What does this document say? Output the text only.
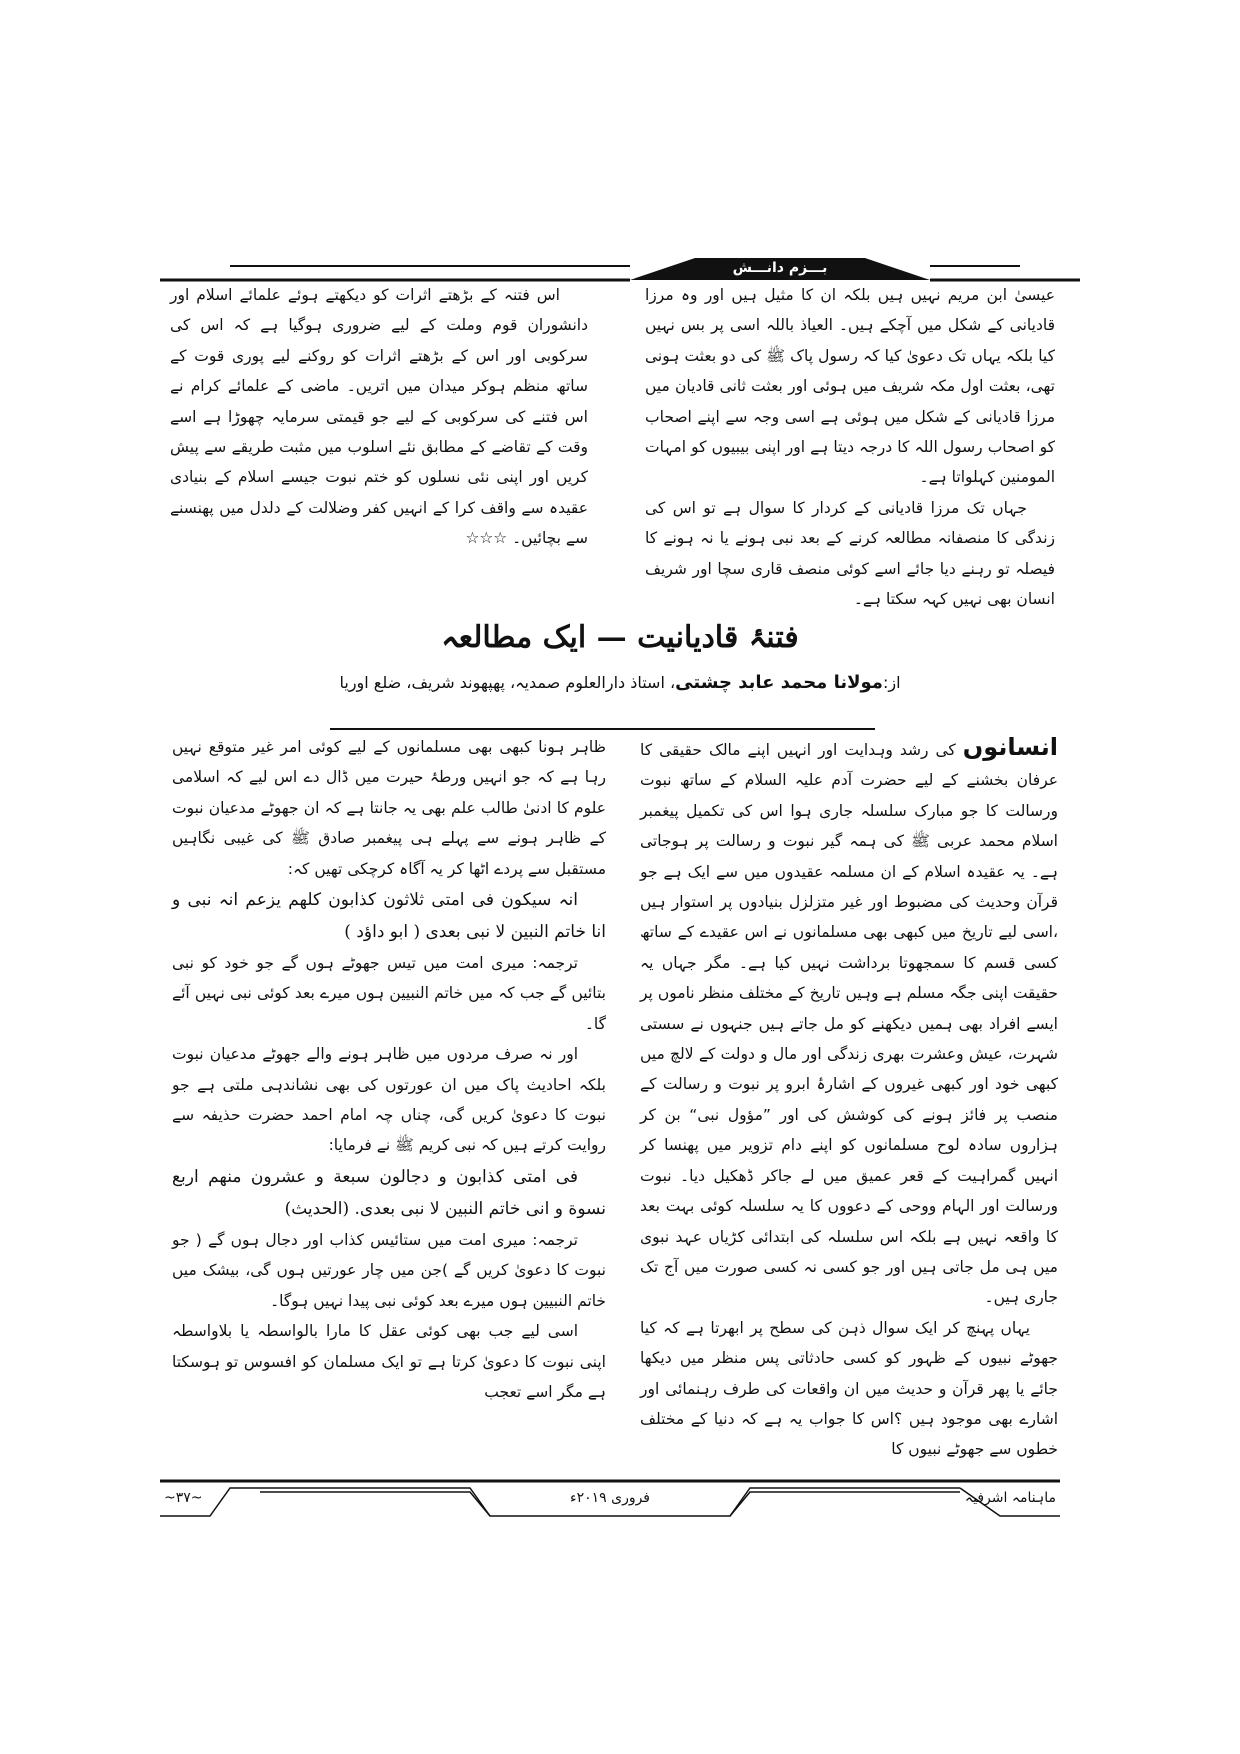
بـــزم دانـــش

عیسیٰ ابن مریم نہیں ہیں بلکہ ان کا مثیل ہیں اور وہ مرزا قادیانی کے شکل میں آچکے ہیں۔ العیاذ باللہ اسی پر بس نہیں کیا بلکہ یہاں تک دعویٰ کیا کہ رسول پاک ﷺ کی دو بعثت ہونی تھی، بعثت اول مکہ شریف میں ہوئی اور بعثت ثانی قادیان میں مرزا قادیانی کے شکل میں ہوئی ہے اسی وجہ سے اپنے اصحاب کو اصحاب رسول اللہ کا درجہ دیتا ہے اور اپنی بیبیوں کو امہات المومنین کہلواتا ہے۔

جہاں تک مرزا قادیانی کے کردار کا سوال ہے تو اس کی زندگی کا منصفانہ مطالعہ کرنے کے بعد نبی ہونے یا نہ ہونے کا فیصلہ تو رہنے دیا جائے اسے کوئی منصف قاری سچا اور شریف انسان بھی نہیں کہہ سکتا ہے۔

اس فتنہ کے بڑھتے اثرات کو دیکھتے ہوئے علمائے اسلام اور دانشوران قوم وملت کے لیے ضروری ہوگیا ہے کہ اس کی سرکوبی اور اس کے بڑھتے اثرات کو روکنے لیے پوری قوت کے ساتھ منظم ہوکر میدان میں اتریں۔ ماضی کے علمائے کرام نے اس فتنے کی سرکوبی کے لیے جو قیمتی سرمایہ چھوڑا ہے اسے وقت کے تقاضے کے مطابق نئے اسلوب میں مثبت طریقے سے پیش کریں اور اپنی نئی نسلوں کو ختم نبوت جیسے اسلام کے بنیادی عقیدہ سے واقف کرا کے انہیں کفر وضلالت کے دلدل میں پھنسنے سے بچائیں۔ ☆☆☆

فتنۂ قادیانیت — ایک مطالعہ
از:مولانا محمد عابد چشتی، استاذ دارالعلوم صمدیہ، پھپھوند شریف، ضلع اوریا

انسانوں کی رشد وہدایت اور انہیں اپنے مالک حقیقی کا عرفان بخشنے کے لیے حضرت آدم علیہ السلام کے ساتھ نبوت ورسالت کا جو مبارک سلسلہ جاری ہوا اس کی تکمیل پیغمبر اسلام محمد عربی ﷺ کی ہمہ گیر نبوت و رسالت پر ہوجاتی ہے۔ یہ عقیدہ اسلام کے ان مسلمہ عقیدوں میں سے ایک ہے جو قرآن وحدیث کی مضبوط اور غیر متزلزل بنیادوں پر استوار ہیں ،اسی لیے تاریخ میں کبھی بھی مسلمانوں نے اس عقیدے کے ساتھ کسی قسم کا سمجھوتا برداشت نہیں کیا ہے۔ مگر جہاں یہ حقیقت اپنی جگہ مسلم ہے وہیں تاریخ کے مختلف منظر ناموں پر ایسے افراد بھی ہمیں دیکھنے کو مل جاتے ہیں جنہوں نے سستی شہرت، عیش وعشرت بھری زندگی اور مال و دولت کے لالچ میں کبھی خود اور کبھی غیروں کے اشارۂ ابرو پر نبوت و رسالت کے منصب پر فائز ہونے کی کوشش کی اور ”مؤول نبی“ بن کر ہزاروں سادہ لوح مسلمانوں کو اپنے دام تزویر میں پھنسا کر انہیں گمراہیت کے قعر عمیق میں لے جاکر ڈھکیل دیا۔ نبوت ورسالت اور الہام ووحی کے دعووں کا یہ سلسلہ کوئی بہت بعد کا واقعہ نہیں ہے بلکہ اس سلسلہ کی ابتدائی کڑیاں عہد نبوی میں ہی مل جاتی ہیں اور جو کسی نہ کسی صورت میں آج تک جاری ہیں۔

یہاں پہنچ کر ایک سوال ذہن کی سطح پر ابھرتا ہے کہ کیا جھوٹے نبیوں کے ظہور کو کسی حادثاتی پس منظر میں دیکھا جائے یا پھر قرآن و حدیث میں ان واقعات کی طرف رہنمائی اور اشارے بھی موجود ہیں ؟اس کا جواب یہ ہے کہ دنیا کے مختلف خطوں سے جھوٹے نبیوں کا

ظاہر ہونا کبھی بھی مسلمانوں کے لیے کوئی امر غیر متوقع نہیں رہا ہے کہ جو انہیں ورطۂ حیرت میں ڈال دے اس لیے کہ اسلامی علوم کا ادنیٰ طالب علم بھی یہ جانتا ہے کہ ان جھوٹے مدعیان نبوت کے ظاہر ہونے سے پہلے ہی پیغمبر صادق ﷺ کی غیبی نگاہیں مستقبل سے پردے اٹھا کر یہ آگاہ کرچکی تھیں کہ:

انہ سیکون فی امتی ثلاثون کذابون کلھم یزعم انہ نبی و انا خاتم النبین لا نبی بعدی ( ابو داؤد )

ترجمہ: میری امت میں تیس جھوٹے ہوں گے جو خود کو نبی بتائیں گے جب کہ میں خاتم النبیین ہوں میرے بعد کوئی نبی نہیں آئے گا۔

اور نہ صرف مردوں میں ظاہر ہونے والے جھوٹے مدعیان نبوت بلکہ احادیث پاک میں ان عورتوں کی بھی نشاندہی ملتی ہے جو نبوت کا دعویٰ کریں گی، چناں چہ امام احمد حضرت حذیفہ سے روایت کرتے ہیں کہ نبی کریم ﷺ نے فرمایا:

فی امتی کذابون و دجالون سبعة و عشرون منھم اربع نسوة و انی خاتم النبین لا نبی بعدی. (الحدیث)

ترجمہ: میری امت میں ستائیس کذاب اور دجال ہوں گے ( جو نبوت کا دعویٰ کریں گے )جن میں چار عورتیں ہوں گی، بیشک میں خاتم النبیین ہوں میرے بعد کوئی نبی پیدا نہیں ہوگا۔

اسی لیے جب بھی کوئی عقل کا مارا بالواسطہ یا بلاواسطہ اپنی نبوت کا دعویٰ کرتا ہے تو ایک مسلمان کو افسوس تو ہوسکتا ہے مگر اسے تعجب

ماہنامہ اشرفیہ
فروری ۲۰۱۹ء
~۳۷~
